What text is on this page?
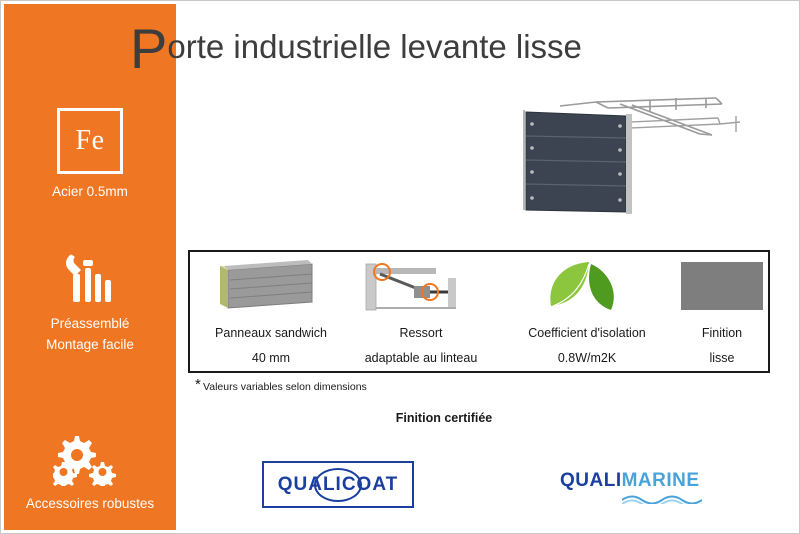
Fe
Acier 0.5mm
Préassemblé
Montage facile
Accessoires robustes
Porte industrielle levante lisse
Panneaux sandwich
40 mm
Ressort
adaptable au linteau
Coefficient d'isolation
0.8W/m2K
Finition
lisse
* Valeurs variables selon dimensions
Finition certifiée
QUALICOAT	QUALIMARINE
